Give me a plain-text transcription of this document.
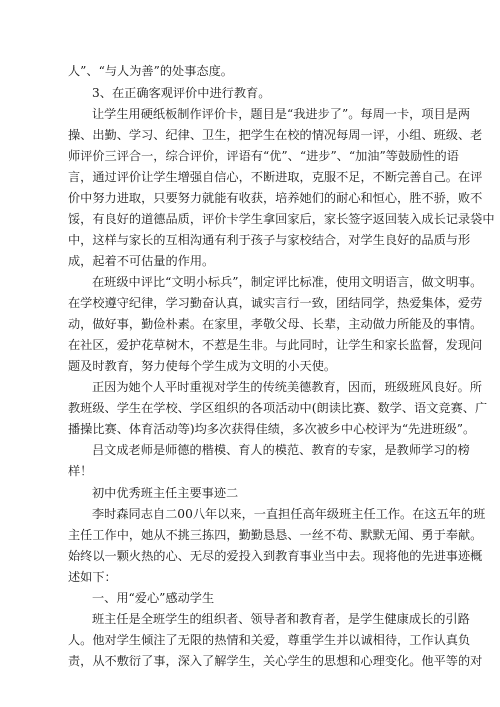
人”、“与人为善”的处事态度。
3、在正确客观评价中进行教育。
让学生用硬纸板制作评价卡，题目是“我进步了”。每周一卡，项目是两
操、出勤、学习、纪律、卫生，把学生在校的情况每周一评，小组、班级、老
师评价三评合一，综合评价，评语有“优”、“进步”、“加油”等鼓励性的语
言，通过评价让学生增强自信心，不断进取，克服不足，不断完善自己。在评
价中努力进取，只要努力就能有收获，培养她们的耐心和恒心，胜不骄，败不
馁，有良好的道德品质，评价卡学生拿回家后，家长签字返回装入成长记录袋中
中，这样与家长的互相沟通有利于孩子与家校结合，对学生良好的品质与形
成，起着不可估量的作用。
在班级中评比“文明小标兵”，制定评比标准，使用文明语言，做文明事。
在学校遵守纪律，学习勤奋认真，诚实言行一致，团结同学，热爱集体，爱劳
动，做好事，勤俭朴素。在家里，孝敬父母、长辈，主动做力所能及的事情。
在社区，爱护花草树木，不惹是生非。与此同时，让学生和家长监督，发现问
题及时教育，努力使每个学生成为文明的小天使。
正因为她个人平时重视对学生的传统美德教育，因而，班级班风良好。所
教班级、学生在学校、学区组织的各项活动中(朗读比赛、数学、语文竞赛、广
播操比赛、体育活动等)均多次获得佳绩，多次被乡中心校评为“先进班级”。
吕文成老师是师德的楷模、育人的模范、教育的专家，是教师学习的榜
样！
初中优秀班主任主要事迹二
李时森同志自二00八年以来，一直担任高年级班主任工作。在这五年的班
主任工作中，她从不挑三拣四，勤勤恳恳、一丝不苟、默默无闻、勇于奉献。
始终以一颗火热的心、无尽的爱投入到教育事业当中去。现将他的先进事迹概
述如下：
一、用“爱心”感动学生
班主任是全班学生的组织者、领导者和教育者，是学生健康成长的引路
人。他对学生倾注了无限的热情和关爱，尊重学生并以诚相待，工作认真负
责，从不敷衍了事，深入了解学生，关心学生的思想和心理变化。他平等的对
